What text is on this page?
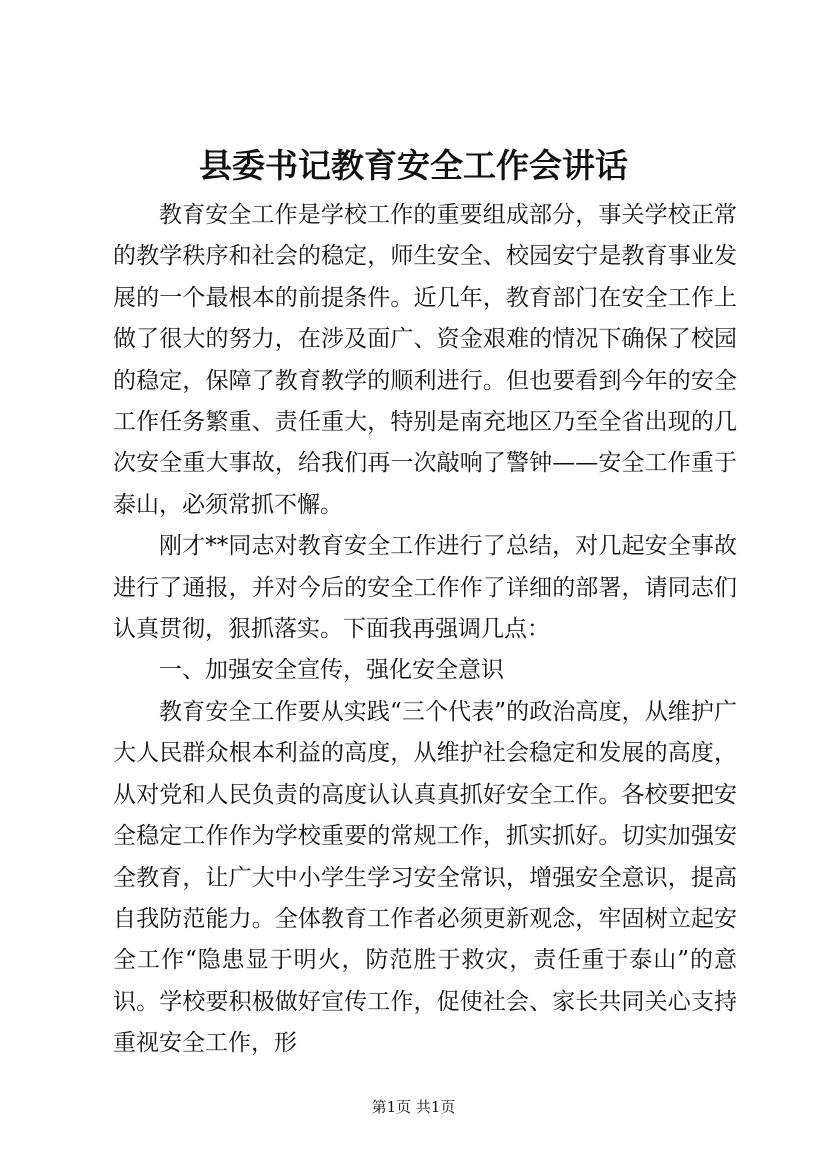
县委书记教育安全工作会讲话

教育安全工作是学校工作的重要组成部分，事关学校正常的教学秩序和社会的稳定，师生安全、校园安宁是教育事业发展的一个最根本的前提条件。近几年，教育部门在安全工作上做了很大的努力，在涉及面广、资金艰难的情况下确保了校园的稳定，保障了教育教学的顺利进行。但也要看到今年的安全工作任务繁重、责任重大，特别是南充地区乃至全省出现的几次安全重大事故，给我们再一次敲响了警钟——安全工作重于泰山，必须常抓不懈。

刚才**同志对教育安全工作进行了总结，对几起安全事故进行了通报，并对今后的安全工作作了详细的部署，请同志们认真贯彻，狠抓落实。下面我再强调几点：

一、加强安全宣传，强化安全意识

教育安全工作要从实践“三个代表”的政治高度，从维护广大人民群众根本利益的高度，从维护社会稳定和发展的高度，从对党和人民负责的高度认认真真抓好安全工作。各校要把安全稳定工作作为学校重要的常规工作，抓实抓好。切实加强安全教育，让广大中小学生学习安全常识，增强安全意识，提高自我防范能力。全体教育工作者必须更新观念，牢固树立起安全工作“隐患显于明火，防范胜于救灾，责任重于泰山”的意识。学校要积极做好宣传工作，促使社会、家长共同关心支持重视安全工作，形

第1页 共1页
